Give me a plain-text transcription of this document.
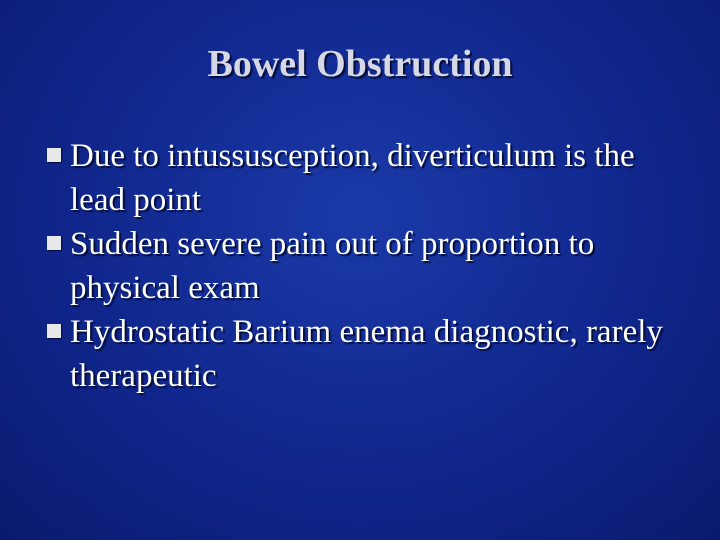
Bowel Obstruction
Due to intussusception, diverticulum is the lead point
Sudden severe pain out of proportion to physical exam
Hydrostatic Barium enema diagnostic, rarely therapeutic
